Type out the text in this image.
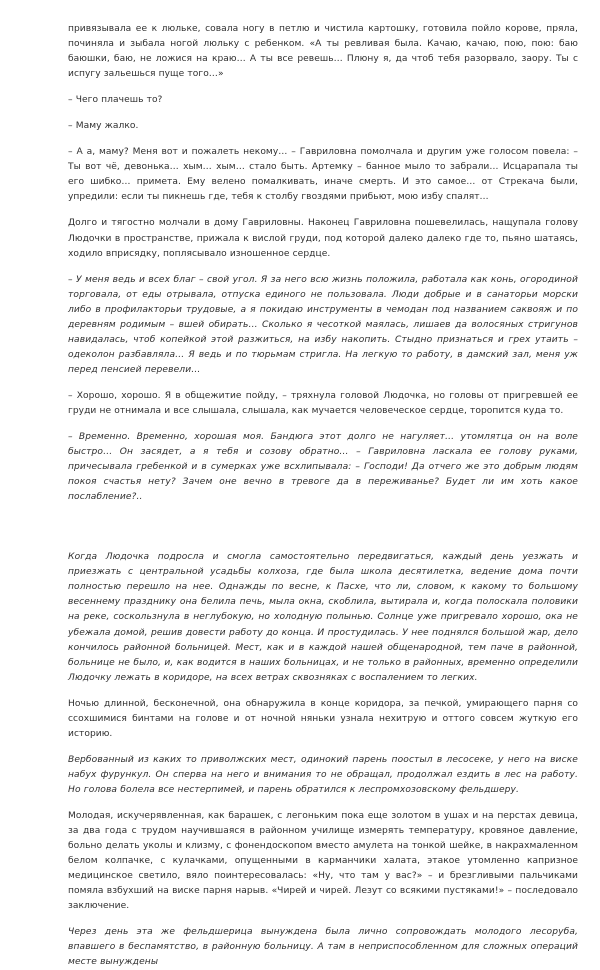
привязывала ее к люльке, совала ногу в петлю и чистила картошку, готовила пойло корове, пряла, починяла и зыбала ногой люльку с ребенком. «А ты ревливая была. Качаю, качаю, пою, пою: баю баюшки, баю, не ложися на краю… А ты все ревешь… Плюну я, да чтоб тебя разорвало, заору. Ты с испугу зальешься пуще того…»

– Чего плачешь то?

– Маму жалко.

– А а, маму? Меня вот и пожалеть некому… – Гавриловна помолчала и другим уже голосом повела: – Ты вот чё, девонька… хым… хым… стало быть. Артемку – банное мыло то забрали… Исцарапала ты его шибко… примета. Ему велено помалкивать, иначе смерть. И это самое… от Стрекача были, упредили: если ты пикнешь где, тебя к столбу гвоздями прибьют, мою избу спалят…

Долго и тягостно молчали в дому Гавриловны. Наконец Гавриловна пошевелилась, нащупала голову Людочки в пространстве, прижала к вислой груди, под которой далеко далеко где то, пьяно шатаясь, ходило вприсядку, поплясывало изношенное сердце.

– У меня ведь и всех благ – свой угол. Я за него всю жизнь положила, работала как конь, огородиной торговала, от еды отрывала, отпуска единого не пользовала. Люди добрые и в санаторьи морски либо в профилакторьи трудовые, а я покидаю инструменты в чемодан под названием саквояж и по деревням родимым – вшей обирать… Сколько я чесоткой маялась, лишаев да волосяных стригунов навидалась, чтоб копейкой этой разжиться, на избу накопить. Стыдно признаться и грех утаить – одеколон разбавляла… Я ведь и по тюрьмам стригла. На легкую то работу, в дамский зал, меня уж перед пенсией перевели…

– Хорошо, хорошо. Я в общежитие пойду, – тряхнула головой Людочка, но головы от пригревшей ее груди не отнимала и все слышала, слышала, как мучается человеческое сердце, торопится куда то.

– Временно. Временно, хорошая моя. Бандюга этот долго не нагуляет… утомлятца он на воле быстро… Он засядет, а я тебя и созову обратно… – Гавриловна ласкала ее голову руками, причесывала гребенкой и в сумерках уже всхлипывала: – Господи! Да отчего же это добрым людям покоя счастья нету? Зачем оне вечно в тревоге да в переживанье? Будет ли им хоть какое послабление?..

Когда Людочка подросла и смогла самостоятельно передвигаться, каждый день уезжать и приезжать с центральной усадьбы колхоза, где была школа десятилетка, ведение дома почти полностью перешло на нее. Однажды по весне, к Пасхе, что ли, словом, к какому то большому весеннему празднику она белила печь, мыла окна, скоблила, вытирала и, когда полоскала половики на реке, соскользнула в неглубокую, но холодную полынью. Солнце уже пригревало хорошо, ока не убежала домой, решив довести работу до конца. И простудилась. У нее поднялся большой жар, дело кончилось районной больницей. Мест, как и в каждой нашей общенародной, тем паче в районной, больнице не было, и, как водится в наших больницах, и не только в районных, временно определили Людочку лежать в коридоре, на всех ветрах сквозняках с воспалением то легких.

Ночью длинной, бесконечной, она обнаружила в конце коридора, за печкой, умирающего парня со ссохшимися бинтами на голове и от ночной няньки узнала нехитрую и оттого совсем жуткую его историю.

Вербованный из каких то приволжских мест, одинокий парень поостыл в лесосеке, у него на виске набух фурункул. Он сперва на него и внимания то не обращал, продолжал ездить в лес на работу. Но голова болела все нестерпимей, и парень обратился к леспромхозовскому фельдшеру.

Молодая, искучерявленная, как барашек, с легоньким пока еще золотом в ушах и на перстах девица, за два года с трудом научившаяся в районном училище измерять температуру, кровяное давление, больно делать уколы и клизму, с фонендоскопом вместо амулета на тонкой шейке, в накрахмаленном белом колпачке, с кулачками, опущенными в карманчики халата, этакое утомленно капризное медицинское светило, вяло поинтересовалась: «Ну, что там у вас?» – и брезгливыми пальчиками помяла взбухший на виске парня нарыв. «Чирей и чирей. Лезут со всякими пустяками!» – последовало заключение.

Через день эта же фельдшерица вынуждена была лично сопровождать молодого лесоруба, впавшего в беспамятство, в районную больницу. А там в неприспособленном для сложных операций месте вынуждены
